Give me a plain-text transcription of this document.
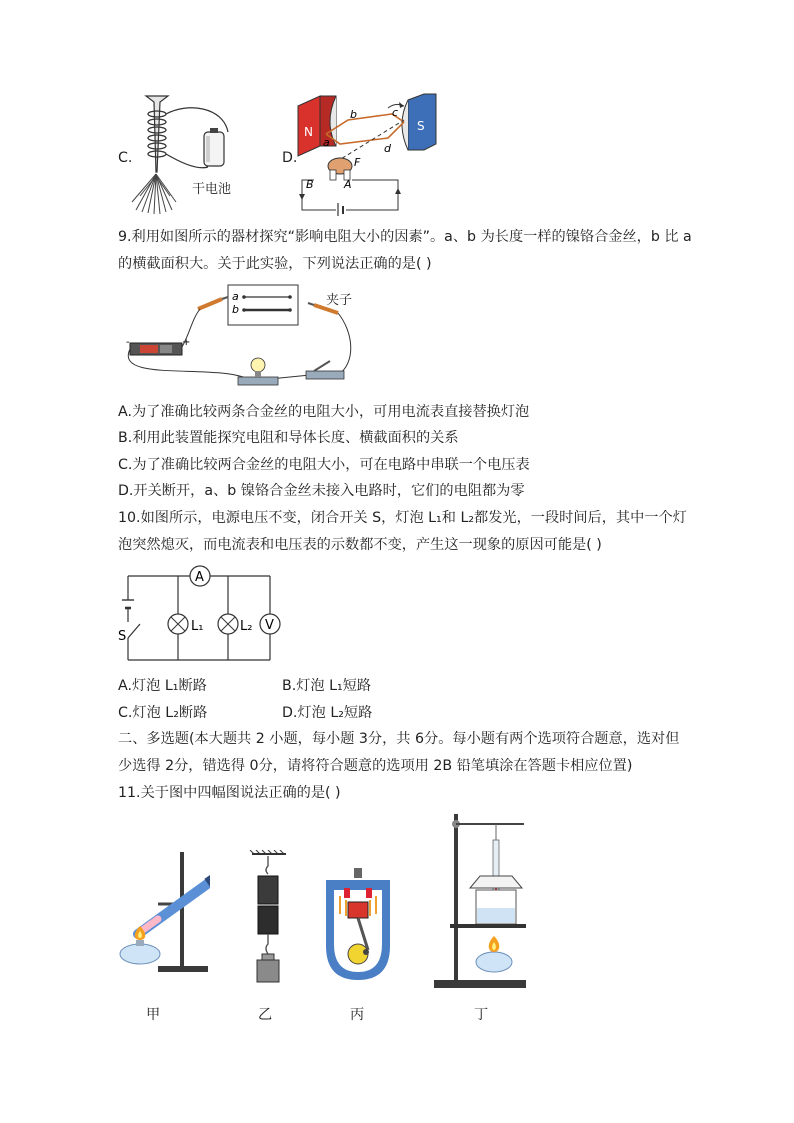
C.
干电池
D.
N	S
a
b	c
d
F
B	A
9.利用如图所示的器材探究“影响电阻大小的因素”。a、b 为长度一样的镍铬合金丝，b 比 a
的横截面积大。关于此实验，下列说法正确的是( )
a
b
-	+
夹子
A.为了准确比较两条合金丝的电阻大小，可用电流表直接替换灯泡
B.利用此装置能探究电阻和导体长度、横截面积的关系
C.为了准确比较两合金丝的电阻大小，可在电路中串联一个电压表
D.开关断开，a、b 镍铬合金丝未接入电路时，它们的电阻都为零
10.如图所示，电源电压不变，闭合开关 S，灯泡 L₁和 L₂都发光，一段时间后，其中一个灯
泡突然熄灭，而电流表和电压表的示数都不变，产生这一现象的原因可能是( )
A
V
S
L₁	L₂
A.灯泡 L₁断路	B.灯泡 L₁短路
C.灯泡 L₂断路	D.灯泡 L₂短路
二、多选题(本大题共 2 小题，每小题 3分，共 6分。每小题有两个选项符合题意，选对但
少选得 2分，错选得 0分，请将符合题意的选项用 2B 铅笔填涂在答题卡相应位置)
11.关于图中四幅图说法正确的是( )
甲	乙	丙	丁
